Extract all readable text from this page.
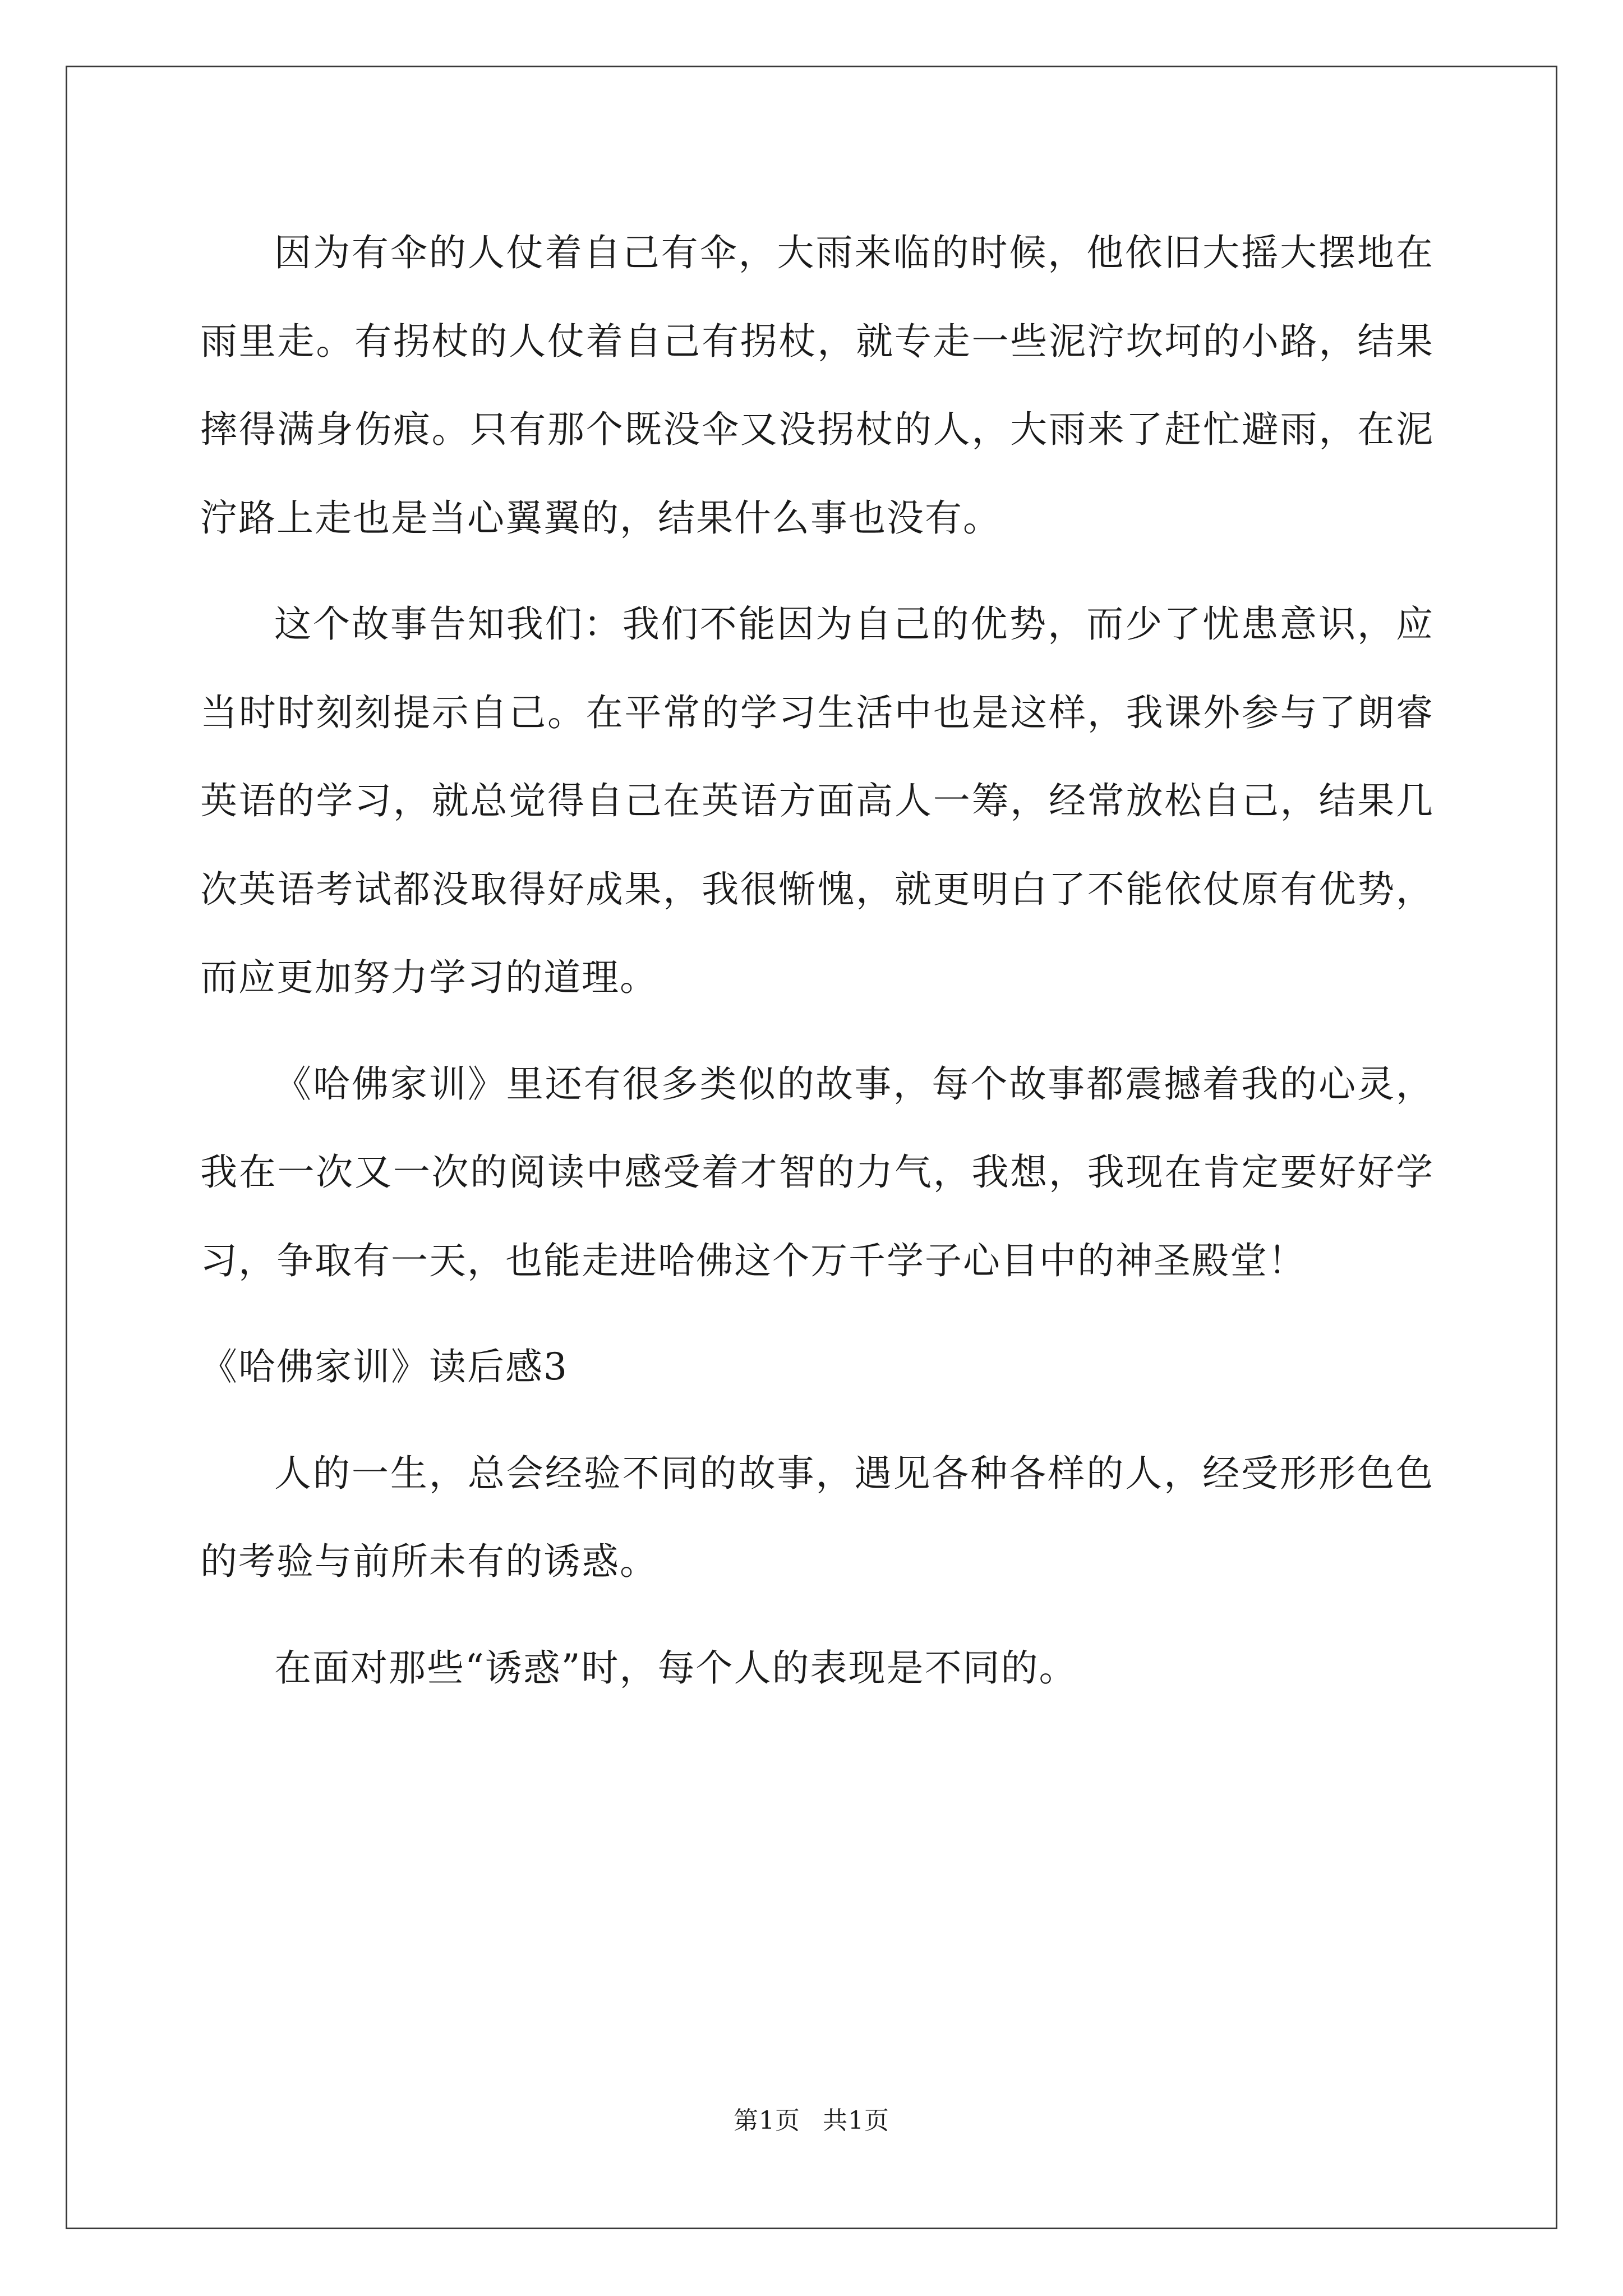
因为有伞的人仗着自己有伞，大雨来临的时候，他依旧大摇大摆地在雨里走。有拐杖的人仗着自己有拐杖，就专走一些泥泞坎坷的小路，结果摔得满身伤痕。只有那个既没伞又没拐杖的人，大雨来了赶忙避雨，在泥泞路上走也是当心翼翼的，结果什么事也没有。

这个故事告知我们：我们不能因为自己的优势，而少了忧患意识，应当时时刻刻提示自己。在平常的学习生活中也是这样，我课外参与了朗睿英语的学习，就总觉得自己在英语方面高人一筹，经常放松自己，结果几次英语考试都没取得好成果，我很惭愧，就更明白了不能依仗原有优势，而应更加努力学习的道理。

《哈佛家训》里还有很多类似的故事，每个故事都震撼着我的心灵，我在一次又一次的阅读中感受着才智的力气，我想，我现在肯定要好好学习，争取有一天，也能走进哈佛这个万千学子心目中的神圣殿堂！

《哈佛家训》读后感3

人的一生，总会经验不同的故事，遇见各种各样的人，经受形形色色的考验与前所未有的诱惑。

在面对那些“诱惑”时，每个人的表现是不同的。

第1页 共1页
